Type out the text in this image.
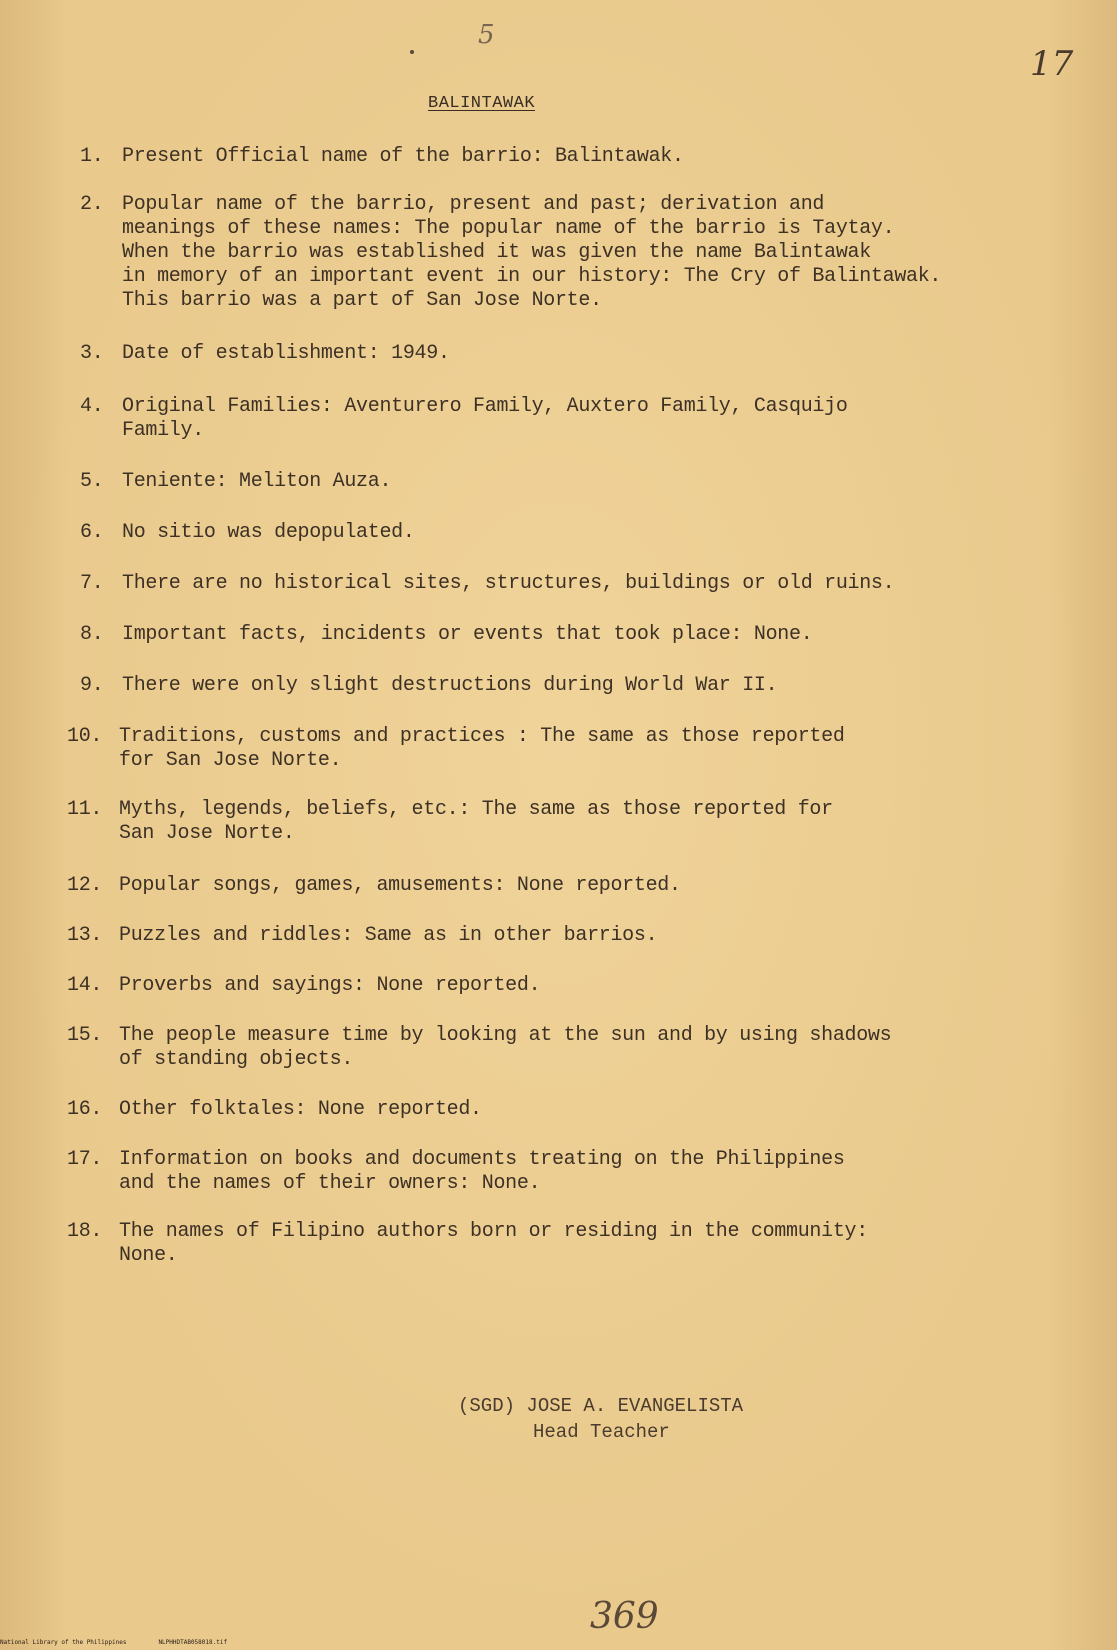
5
17
BALINTAWAK
1. Present Official name of the barrio: Balintawak.
2. Popular name of the barrio, present and past; derivation and
meanings of these names: The popular name of the barrio is Taytay.
When the barrio was established it was given the name Balintawak
in memory of an important event in our history: The Cry of Balintawak.
This barrio was a part of San Jose Norte.
3. Date of establishment: 1949.
4. Original Families: Aventurero Family, Auxtero Family, Casquijo
Family.
5. Teniente: Meliton Auza.
6. No sitio was depopulated.
7. There are no historical sites, structures, buildings or old ruins.
8. Important facts, incidents or events that took place: None.
9. There were only slight destructions during World War II.
10. Traditions, customs and practices : The same as those reported
for San Jose Norte.
11. Myths, legends, beliefs, etc.: The same as those reported for
San Jose Norte.
12. Popular songs, games, amusements: None reported.
13. Puzzles and riddles: Same as in other barrios.
14. Proverbs and sayings: None reported.
15. The people measure time by looking at the sun and by using shadows
of standing objects.
16. Other folktales: None reported.
17. Information on books and documents treating on the Philippines
and the names of their owners: None.
18. The names of Filipino authors born or residing in the community:
None.
(SGD) JOSE A. EVANGELISTA
Head Teacher
369
National Library of the Philippines	NLPHHDTAB058018.tif
